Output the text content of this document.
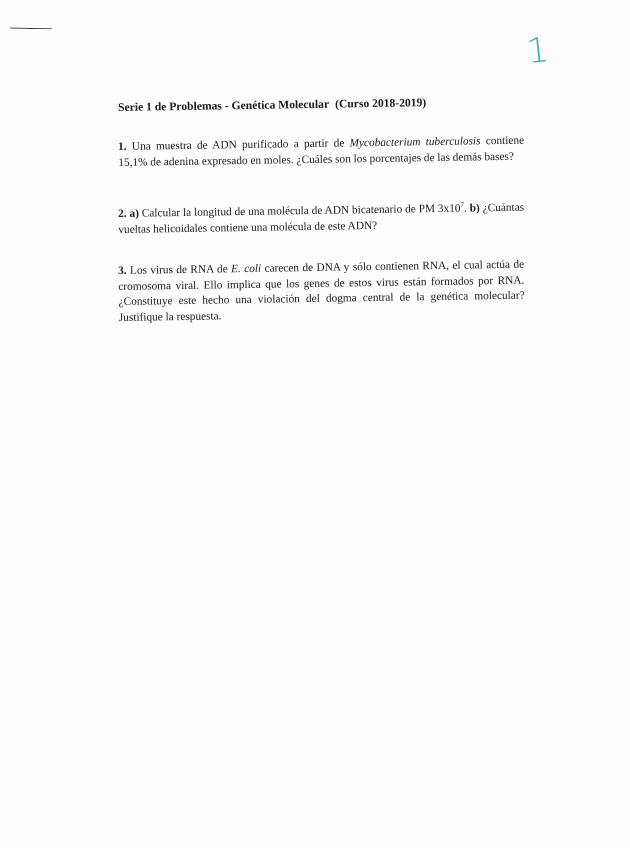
1
Serie 1 de Problemas - Genética Molecular (Curso 2018-2019)
1. Una muestra de ADN purificado a partir de Mycobacterium tuberculosis contiene 15,1% de adenina expresado en moles. ¿Cuáles son los porcentajes de las demás bases?
2. a) Calcular la longitud de una molécula de ADN bicatenario de PM $3x10^7$. b) ¿Cuántas vueltas helicoidales contiene una molécula de este ADN?
3. Los virus de RNA de E. coli carecen de DNA y sólo contienen RNA, el cual actúa de cromosoma viral. Ello implica que los genes de estos virus están formados por RNA. ¿Constituye este hecho una violación del dogma central de la genética molecular? Justifique la respuesta.
